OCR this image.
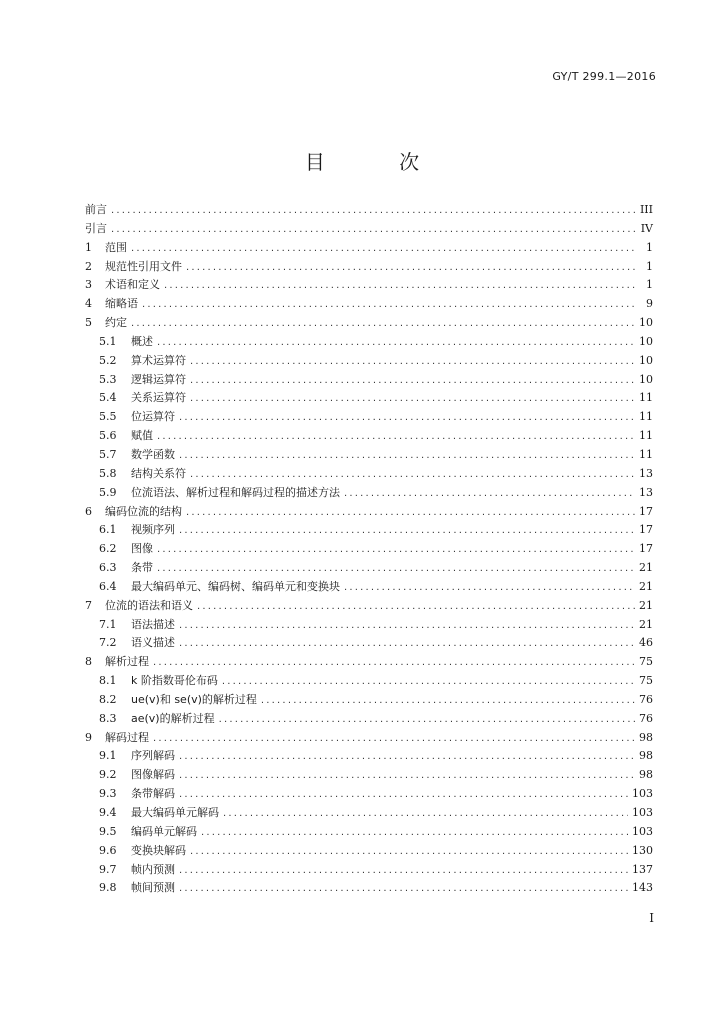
GY/T 299.1—2016
目 次
前言 .....	III
引言 .....	IV
1	范围 .....	1
2	规范性引用文件 .....	1
3	术语和定义 .....	1
4	缩略语 .....	9
5	约定 .....	10
5.1	概述 .....	10
5.2	算术运算符 .....	10
5.3	逻辑运算符 .....	10
5.4	关系运算符 .....	11
5.5	位运算符 .....	11
5.6	赋值 .....	11
5.7	数学函数 .....	11
5.8	结构关系符 .....	13
5.9	位流语法、解析过程和解码过程的描述方法 .....	13
6	编码位流的结构 .....	17
6.1	视频序列 .....	17
6.2	图像 .....	17
6.3	条带 .....	21
6.4	最大编码单元、编码树、编码单元和变换块 .....	21
7	位流的语法和语义 .....	21
7.1	语法描述 .....	21
7.2	语义描述 .....	46
8	解析过程 .....	75
8.1	k 阶指数哥伦布码 .....	75
8.2	ue(v)和 se(v)的解析过程 .....	76
8.3	ae(v)的解析过程 .....	76
9	解码过程 .....	98
9.1	序列解码 .....	98
9.2	图像解码 .....	98
9.3	条带解码 .....	103
9.4	最大编码单元解码 .....	103
9.5	编码单元解码 .....	103
9.6	变换块解码 .....	130
9.7	帧内预测 .....	137
9.8	帧间预测 .....	143
I
